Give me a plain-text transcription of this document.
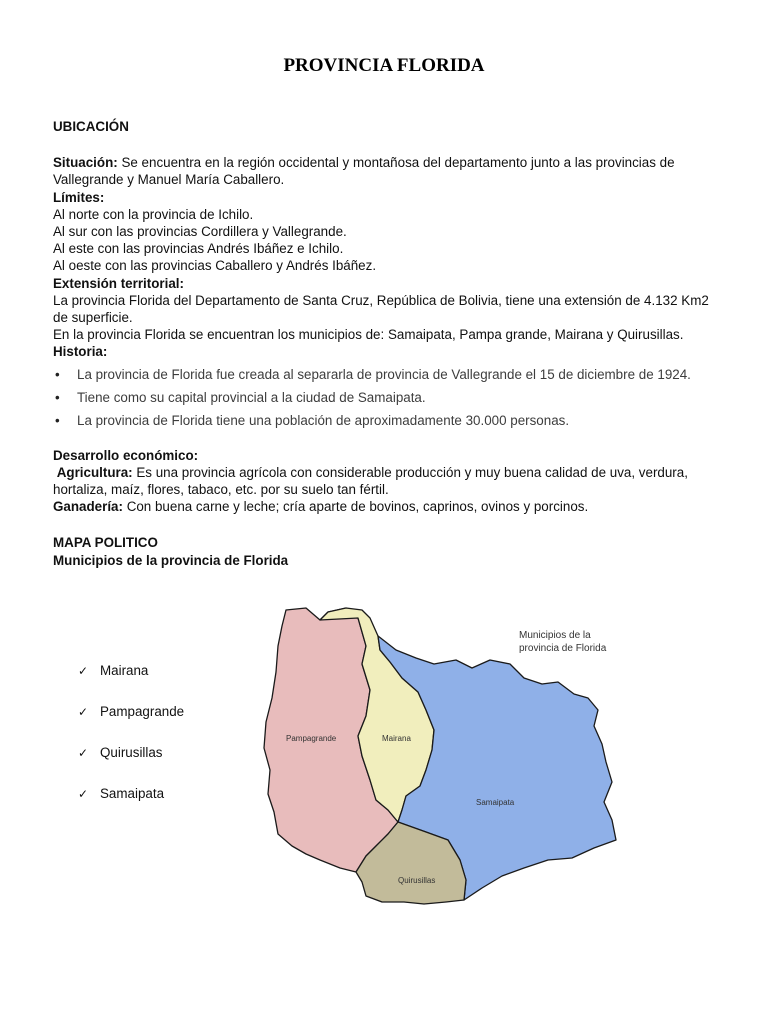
PROVINCIA FLORIDA

UBICACIÓN

Situación: Se encuentra en la región occidental y montañosa del departamento junto a las provincias de Vallegrande y Manuel María Caballero.

Límites:

Al norte con la provincia de Ichilo.

Al sur con las provincias Cordillera y Vallegrande.

Al este con las provincias Andrés Ibáñez e Ichilo.

Al oeste con las provincias Caballero y Andrés Ibáñez.

Extensión territorial:

La provincia Florida del Departamento de Santa Cruz, República de Bolivia, tiene una extensión de 4.132 Km2 de superficie.

En la provincia Florida se encuentran los municipios de: Samaipata, Pampa grande, Mairana y Quirusillas.

Historia:

• La provincia de Florida fue creada al separarla de provincia de Vallegrande el 15 de diciembre de 1924.
• Tiene como su capital provincial a la ciudad de Samaipata.
• La provincia de Florida tiene una población de aproximadamente 30.000 personas.

Desarrollo económico:

Agricultura: Es una provincia agrícola con considerable producción y muy buena calidad de uva, verdura, hortaliza, maíz, flores, tabaco, etc. por su suelo tan fértil.

Ganadería: Con buena carne y leche; cría aparte de bovinos, caprinos, ovinos y porcinos.

MAPA POLITICO

Municipios de la provincia de Florida

✓ Mairana
✓ Pampagrande
✓ Quirusillas
✓ Samaipata
Pampagrande	Mairana
Samaipata
Quirusillas
Municipios de la
provincia de Florida
